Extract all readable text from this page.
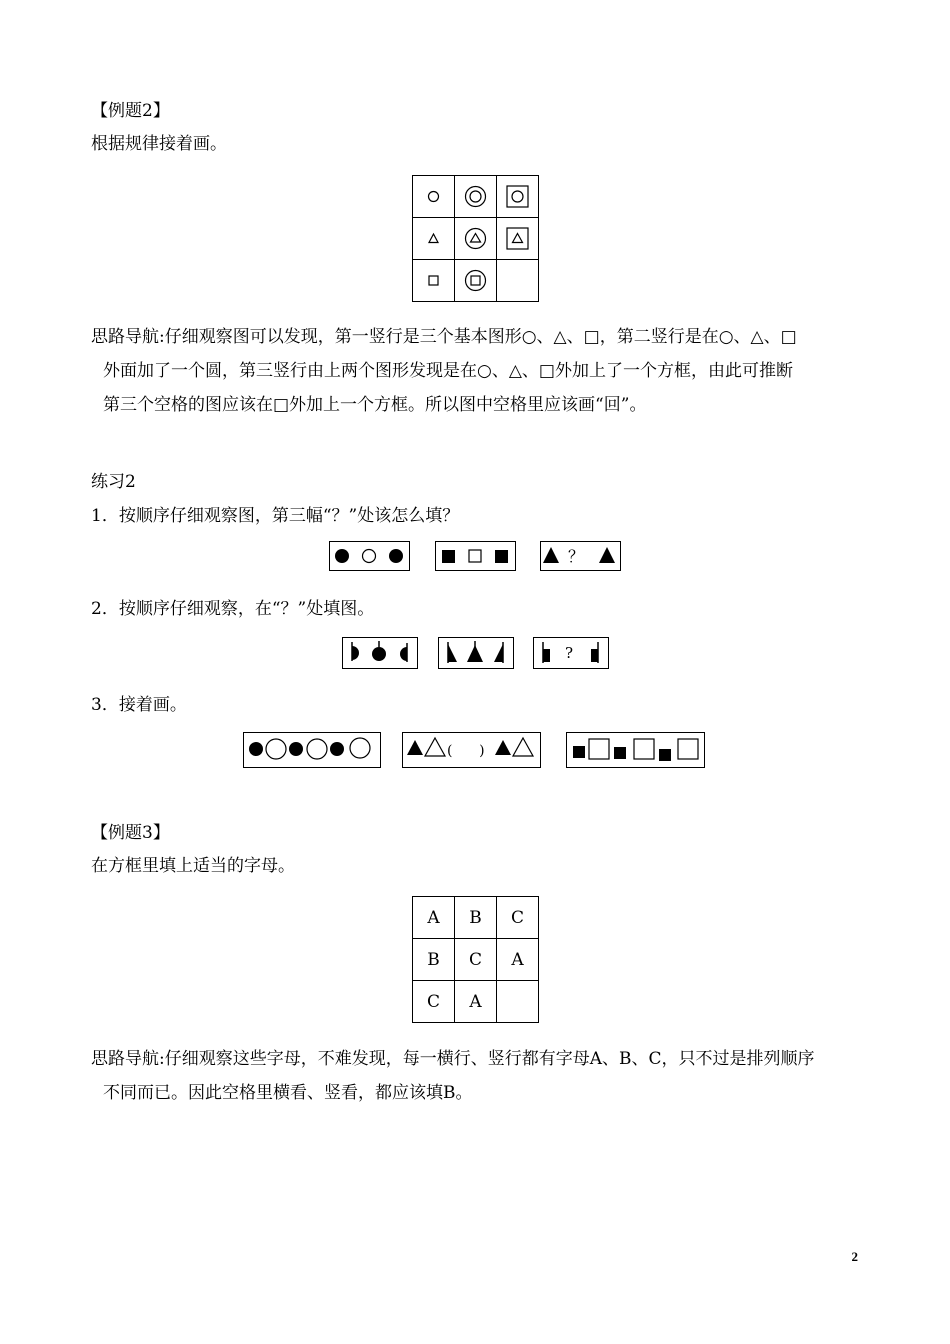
【例题2】
根据规律接着画。

思路导航:仔细观察图可以发现，第一竖行是三个基本图形○、△、□，第二竖行是在○、△、□
外面加了一个圆，第三竖行由上两个图形发现是在○、△、□外加上了一个方框，由此可推断
第三个空格的图应该在□外加上一个方框。所以图中空格里应该画“回”。
练习2
1．按顺序仔细观察图，第三幅“？”处该怎么填？
？
2．按顺序仔细观察，在“？”处填图。
?
3．接着画。
(      )
【例题3】
在方框里填上适当的字母。
A	B	C
B	C	A
C	A	
思路导航:仔细观察这些字母，不难发现，每一横行、竖行都有字母A、B、C，只不过是排列顺序
不同而已。因此空格里横看、竖看，都应该填B。
2
